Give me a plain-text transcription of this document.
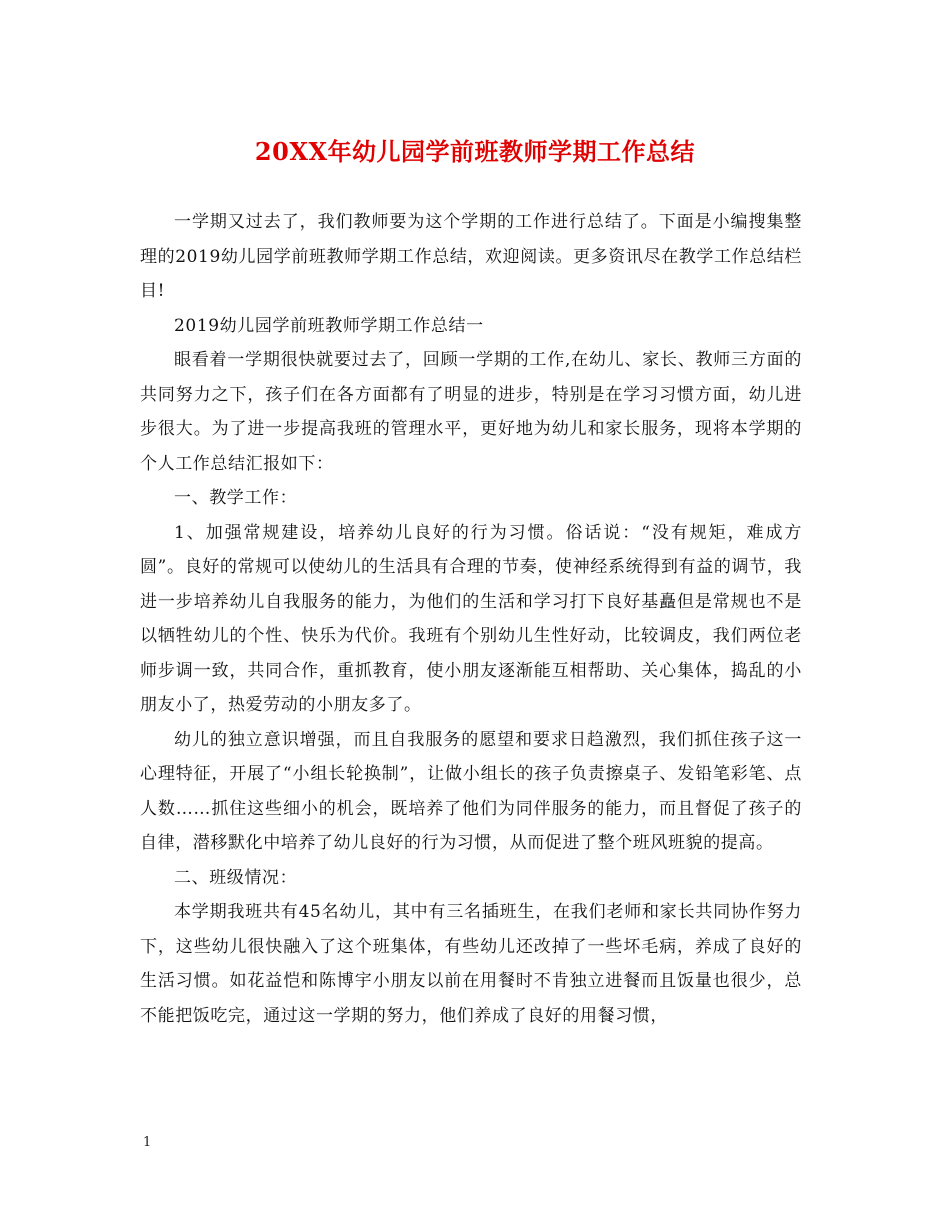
20XX年幼儿园学前班教师学期工作总结

一学期又过去了，我们教师要为这个学期的工作进行总结了。下面是小编搜集整理的2019幼儿园学前班教师学期工作总结，欢迎阅读。更多资讯尽在教学工作总结栏目!

2019幼儿园学前班教师学期工作总结一

眼看着一学期很快就要过去了，回顾一学期的工作,在幼儿、家长、教师三方面的共同努力之下，孩子们在各方面都有了明显的进步，特别是在学习习惯方面，幼儿进步很大。为了进一步提高我班的管理水平，更好地为幼儿和家长服务，现将本学期的个人工作总结汇报如下：

一、教学工作：

1、加强常规建设，培养幼儿良好的行为习惯。俗话说：“没有规矩，难成方圆”。良好的常规可以使幼儿的生活具有合理的节奏，使神经系统得到有益的调节，我进一步培养幼儿自我服务的能力，为他们的生活和学习打下良好基矗但是常规也不是以牺牲幼儿的个性、快乐为代价。我班有个别幼儿生性好动，比较调皮，我们两位老师步调一致，共同合作，重抓教育，使小朋友逐渐能互相帮助、关心集体，捣乱的小朋友小了，热爱劳动的小朋友多了。

幼儿的独立意识增强，而且自我服务的愿望和要求日趋激烈，我们抓住孩子这一心理特征，开展了“小组长轮换制”，让做小组长的孩子负责擦桌子、发铅笔彩笔、点人数……抓住这些细小的机会，既培养了他们为同伴服务的能力，而且督促了孩子的自律，潜移默化中培养了幼儿良好的行为习惯，从而促进了整个班风班貌的提高。

二、班级情况：

本学期我班共有45名幼儿，其中有三名插班生，在我们老师和家长共同协作努力下，这些幼儿很快融入了这个班集体，有些幼儿还改掉了一些坏毛病，养成了良好的生活习惯。如花益恺和陈博宇小朋友以前在用餐时不肯独立进餐而且饭量也很少，总不能把饭吃完，通过这一学期的努力，他们养成了良好的用餐习惯，

1
